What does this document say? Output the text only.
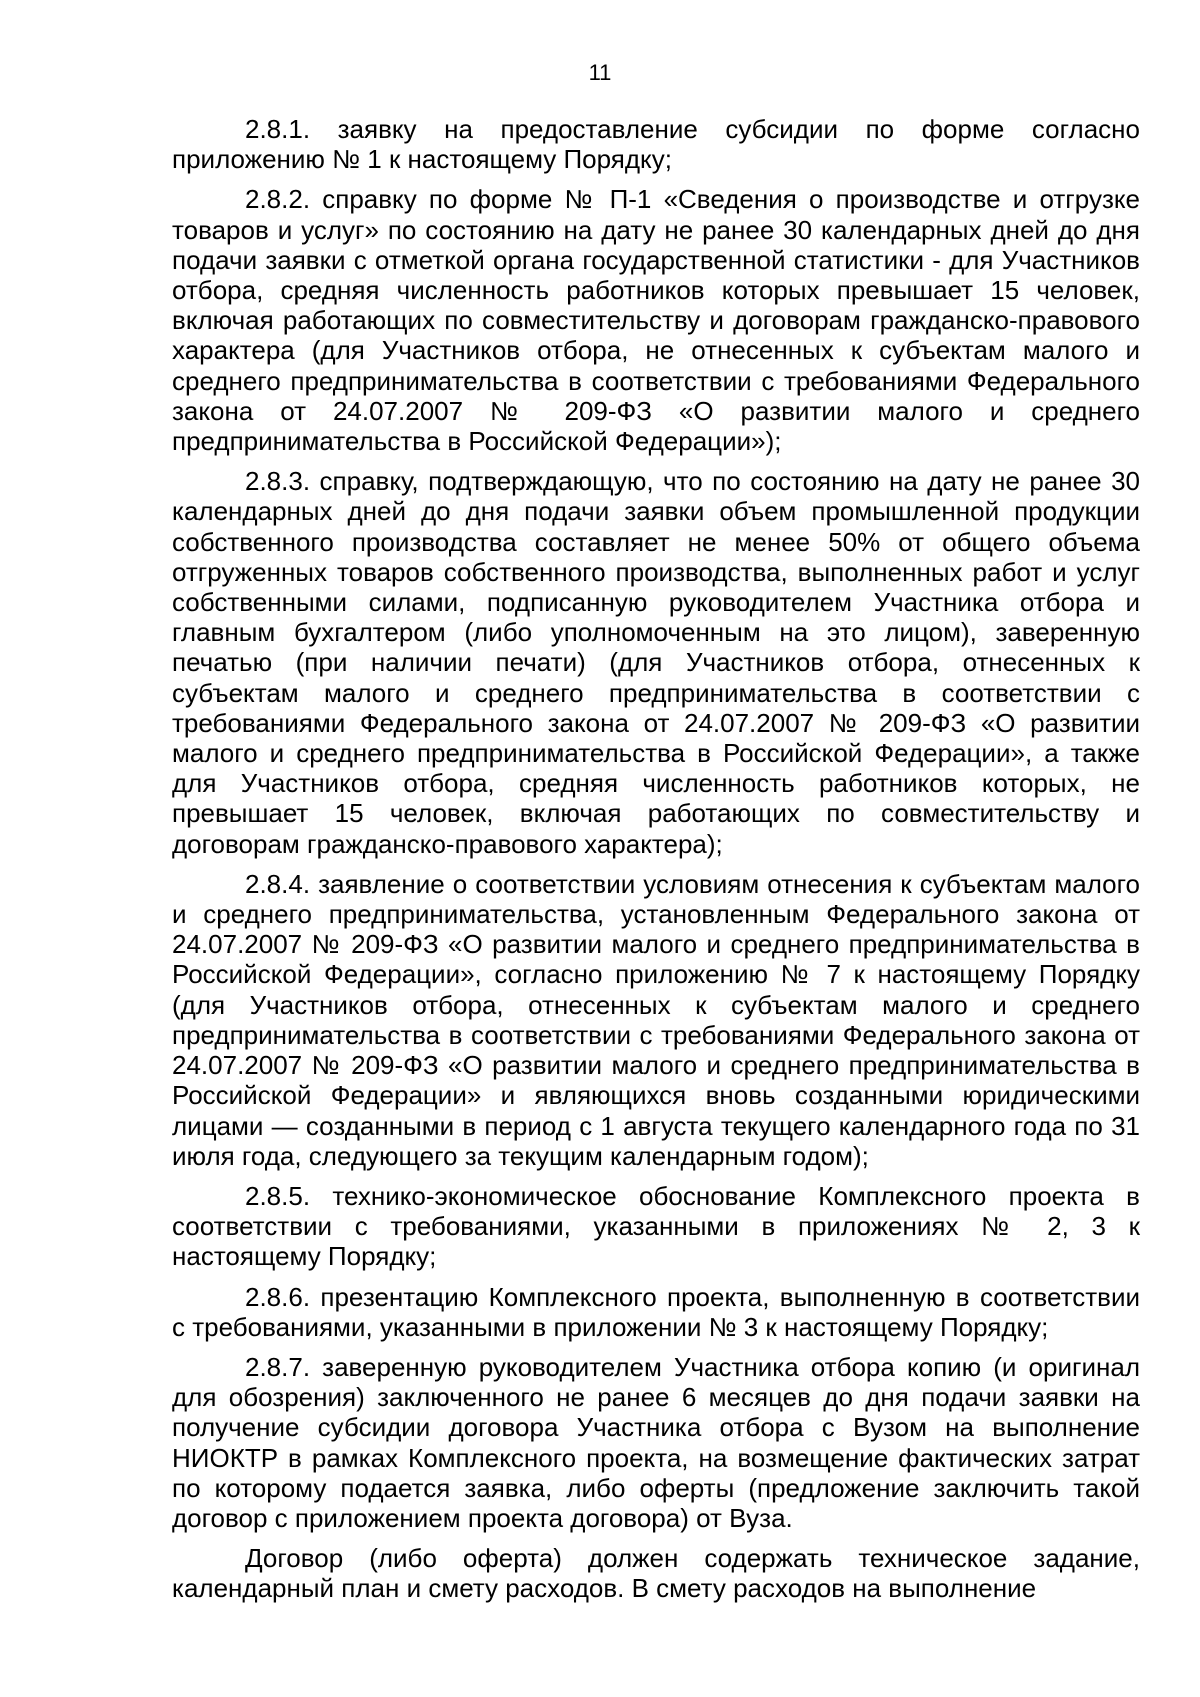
11

2.8.1. заявку на предоставление субсидии по форме согласно приложению № 1 к настоящему Порядку;

2.8.2. справку по форме № П-1 «Сведения о производстве и отгрузке товаров и услуг» по состоянию на дату не ранее 30 календарных дней до дня подачи заявки с отметкой органа государственной статистики - для Участников отбора, средняя численность работников которых превышает 15 человек, включая работающих по совместительству и договорам гражданско-правового характера (для Участников отбора, не отнесенных к субъектам малого и среднего предпринимательства в соответствии с требованиями Федерального закона от 24.07.2007 № 209-ФЗ «О развитии малого и среднего предпринимательства в Российской Федерации»);

2.8.3. справку, подтверждающую, что по состоянию на дату не ранее 30 календарных дней до дня подачи заявки объем промышленной продукции собственного производства составляет не менее 50% от общего объема отгруженных товаров собственного производства, выполненных работ и услуг собственными силами, подписанную руководителем Участника отбора и главным бухгалтером (либо уполномоченным на это лицом), заверенную печатью (при наличии печати) (для Участников отбора, отнесенных к субъектам малого и среднего предпринимательства в соответствии с требованиями Федерального закона от 24.07.2007 № 209-ФЗ «О развитии малого и среднего предпринимательства в Российской Федерации», а также для Участников отбора, средняя численность работников которых, не превышает 15 человек, включая работающих по совместительству и договорам гражданско-правового характера);

2.8.4. заявление о соответствии условиям отнесения к субъектам малого и среднего предпринимательства, установленным Федерального закона от 24.07.2007 № 209-ФЗ «О развитии малого и среднего предпринимательства в Российской Федерации», согласно приложению № 7 к настоящему Порядку (для Участников отбора, отнесенных к субъектам малого и среднего предпринимательства в соответствии с требованиями Федерального закона от 24.07.2007 № 209-ФЗ «О развитии малого и среднего предпринимательства в Российской Федерации» и являющихся вновь созданными юридическими лицами — созданными в период с 1 августа текущего календарного года по 31 июля года, следующего за текущим календарным годом);

2.8.5. технико-экономическое обоснование Комплексного проекта в соответствии с требованиями, указанными в приложениях № 2, 3 к настоящему Порядку;

2.8.6. презентацию Комплексного проекта, выполненную в соответствии с требованиями, указанными в приложении № 3 к настоящему Порядку;

2.8.7. заверенную руководителем Участника отбора копию (и оригинал для обозрения) заключенного не ранее 6 месяцев до дня подачи заявки на получение субсидии договора Участника отбора с Вузом на выполнение НИОКТР в рамках Комплексного проекта, на возмещение фактических затрат по которому подается заявка, либо оферты (предложение заключить такой договор с приложением проекта договора) от Вуза.

Договор (либо оферта) должен содержать техническое задание, календарный план и смету расходов. В смету расходов на выполнение
